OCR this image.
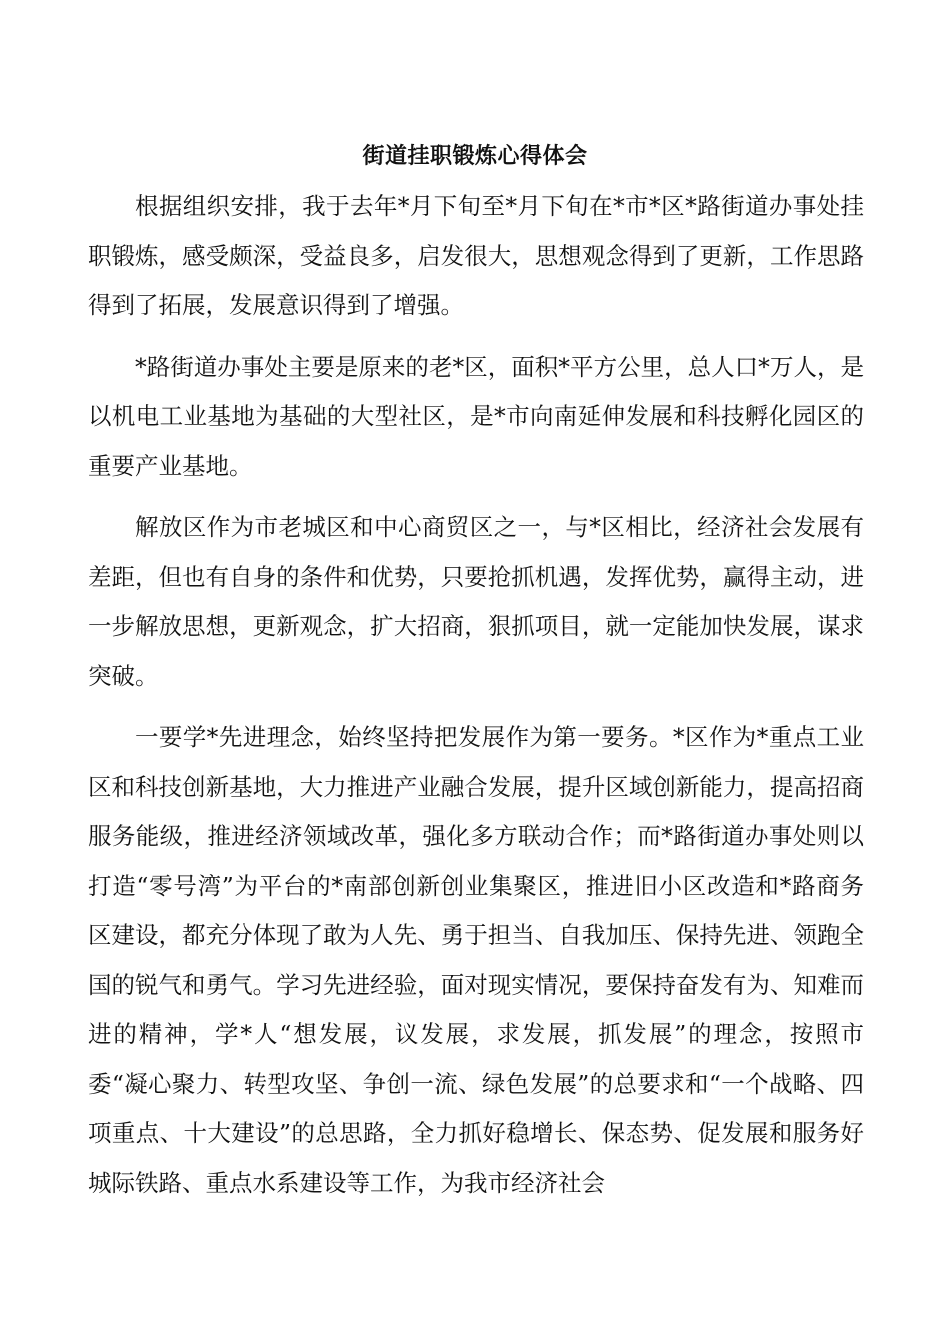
街道挂职锻炼心得体会

根据组织安排，我于去年*月下旬至*月下旬在*市*区*路街道办事处挂职锻炼，感受颇深，受益良多，启发很大，思想观念得到了更新，工作思路得到了拓展，发展意识得到了增强。

*路街道办事处主要是原来的老*区，面积*平方公里，总人口*万人，是以机电工业基地为基础的大型社区，是*市向南延伸发展和科技孵化园区的重要产业基地。

解放区作为市老城区和中心商贸区之一，与*区相比，经济社会发展有差距，但也有自身的条件和优势，只要抢抓机遇，发挥优势，赢得主动，进一步解放思想，更新观念，扩大招商，狠抓项目，就一定能加快发展，谋求突破。

一要学*先进理念，始终坚持把发展作为第一要务。*区作为*重点工业区和科技创新基地，大力推进产业融合发展，提升区域创新能力，提高招商服务能级，推进经济领域改革，强化多方联动合作；而*路街道办事处则以打造“零号湾”为平台的*南部创新创业集聚区，推进旧小区改造和*路商务区建设，都充分体现了敢为人先、勇于担当、自我加压、保持先进、领跑全国的锐气和勇气。学习先进经验，面对现实情况，要保持奋发有为、知难而进的精神，学*人“想发展，议发展，求发展，抓发展”的理念，按照市委“凝心聚力、转型攻坚、争创一流、绿色发展”的总要求和“一个战略、四项重点、十大建设”的总思路，全力抓好稳增长、保态势、促发展和服务好城际铁路、重点水系建设等工作，为我市经济社会
